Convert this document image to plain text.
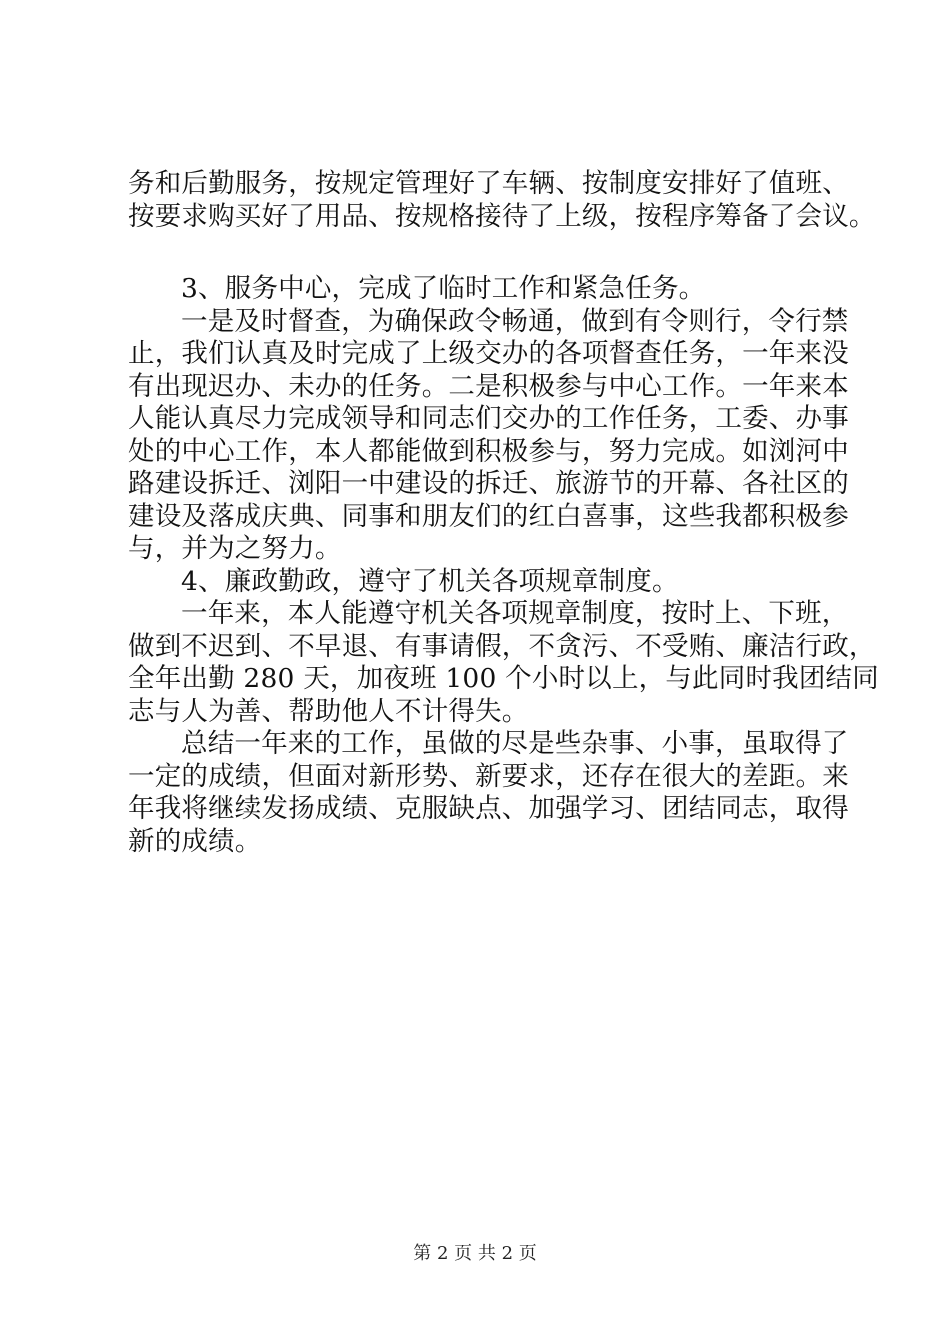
务和后勤服务，按规定管理好了车辆、按制度安排好了值班、
按要求购买好了用品、按规格接待了上级，按程序筹备了会议。
3、服务中心，完成了临时工作和紧急任务。
一是及时督查，为确保政令畅通，做到有令则行，令行禁
止，我们认真及时完成了上级交办的各项督查任务，一年来没
有出现迟办、未办的任务。二是积极参与中心工作。一年来本
人能认真尽力完成领导和同志们交办的工作任务，工委、办事
处的中心工作，本人都能做到积极参与，努力完成。如浏河中
路建设拆迁、浏阳一中建设的拆迁、旅游节的开幕、各社区的
建设及落成庆典、同事和朋友们的红白喜事，这些我都积极参
与，并为之努力。
4、廉政勤政，遵守了机关各项规章制度。
一年来，本人能遵守机关各项规章制度，按时上、下班，
做到不迟到、不早退、有事请假，不贪污、不受贿、廉洁行政，
全年出勤 280 天，加夜班 100 个小时以上，与此同时我团结同
志与人为善、帮助他人不计得失。
总结一年来的工作，虽做的尽是些杂事、小事，虽取得了
一定的成绩，但面对新形势、新要求，还存在很大的差距。来
年我将继续发扬成绩、克服缺点、加强学习、团结同志，取得
新的成绩。
第 2 页 共 2 页
